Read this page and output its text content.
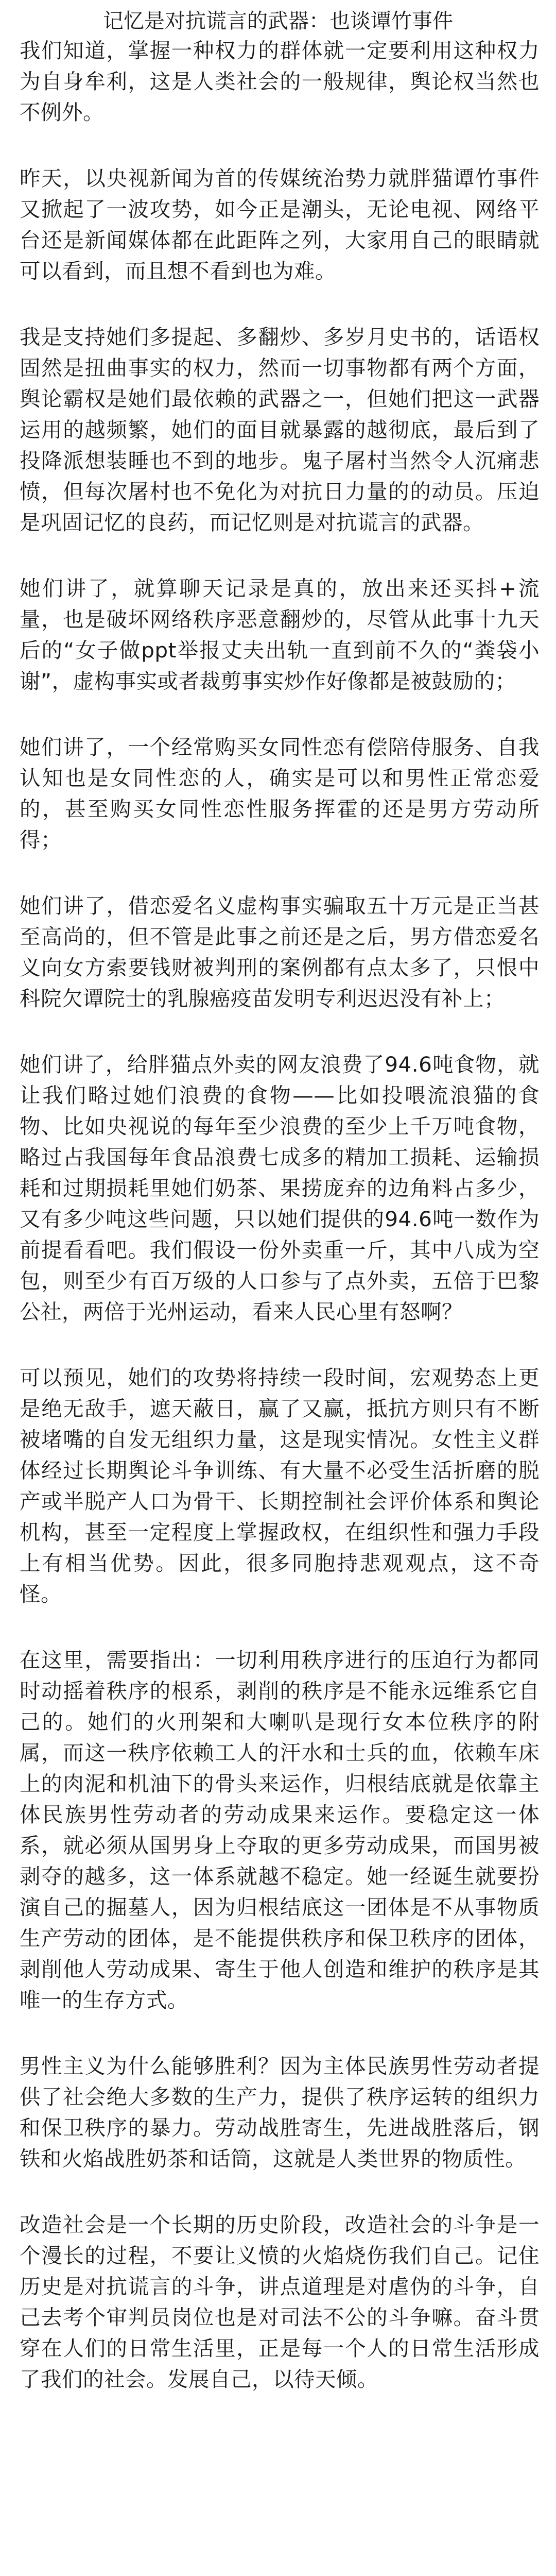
记忆是对抗谎言的武器：也谈谭竹事件

我们知道，掌握一种权力的群体就一定要利用这种权力为自身牟利，这是人类社会的一般规律，舆论权当然也不例外。

昨天，以央视新闻为首的传媒统治势力就胖猫谭竹事件又掀起了一波攻势，如今正是潮头，无论电视、网络平台还是新闻媒体都在此距阵之列，大家用自己的眼睛就可以看到，而且想不看到也为难。

我是支持她们多提起、多翻炒、多岁月史书的，话语权固然是扭曲事实的权力，然而一切事物都有两个方面，舆论霸权是她们最依赖的武器之一，但她们把这一武器运用的越频繁，她们的面目就暴露的越彻底，最后到了投降派想装睡也不到的地步。鬼子屠村当然令人沉痛悲愤，但每次屠村也不免化为对抗日力量的的动员。压迫是巩固记忆的良药，而记忆则是对抗谎言的武器。

她们讲了，就算聊天记录是真的，放出来还买抖+流量，也是破坏网络秩序恶意翻炒的，尽管从此事十九天后的“女子做ppt举报丈夫出轨一直到前不久的“粪袋小谢”，虚构事实或者裁剪事实炒作好像都是被鼓励的；

她们讲了，一个经常购买女同性恋有偿陪侍服务、自我认知也是女同性恋的人，确实是可以和男性正常恋爱的，甚至购买女同性恋性服务挥霍的还是男方劳动所得；

她们讲了，借恋爱名义虚构事实骗取五十万元是正当甚至高尚的，但不管是此事之前还是之后，男方借恋爱名义向女方索要钱财被判刑的案例都有点太多了，只恨中科院欠谭院士的乳腺癌疫苗发明专利迟迟没有补上；

她们讲了，给胖猫点外卖的网友浪费了94.6吨食物，就让我们略过她们浪费的食物——比如投喂流浪猫的食物、比如央视说的每年至少浪费的至少上千万吨食物，略过占我国每年食品浪费七成多的精加工损耗、运输损耗和过期损耗里她们奶茶、果捞庞弃的边角料占多少，又有多少吨这些问题，只以她们提供的94.6吨一数作为前提看看吧。我们假设一份外卖重一斤，其中八成为空包，则至少有百万级的人口参与了点外卖，五倍于巴黎公社，两倍于光州运动，看来人民心里有怒啊？

可以预见，她们的攻势将持续一段时间，宏观势态上更是绝无敌手，遮天蔽日，赢了又赢，抵抗方则只有不断被堵嘴的自发无组织力量，这是现实情况。女性主义群体经过长期舆论斗争训练、有大量不必受生活折磨的脱产或半脱产人口为骨干、长期控制社会评价体系和舆论机构，甚至一定程度上掌握政权，在组织性和强力手段上有相当优势。因此，很多同胞持悲观观点，这不奇怪。

在这里，需要指出：一切利用秩序进行的压迫行为都同时动摇着秩序的根系，剥削的秩序是不能永远维系它自己的。她们的火刑架和大喇叭是现行女本位秩序的附属，而这一秩序依赖工人的汗水和士兵的血，依赖车床上的肉泥和机油下的骨头来运作，归根结底就是依靠主体民族男性劳动者的劳动成果来运作。要稳定这一体系，就必须从国男身上夺取的更多劳动成果，而国男被剥夺的越多，这一体系就越不稳定。她一经诞生就要扮演自己的掘墓人，因为归根结底这一团体是不从事物质生产劳动的团体，是不能提供秩序和保卫秩序的团体，剥削他人劳动成果、寄生于他人创造和维护的秩序是其唯一的生存方式。

男性主义为什么能够胜利？因为主体民族男性劳动者提供了社会绝大多数的生产力，提供了秩序运转的组织力和保卫秩序的暴力。劳动战胜寄生，先进战胜落后，钢铁和火焰战胜奶茶和话筒，这就是人类世界的物质性。

改造社会是一个长期的历史阶段，改造社会的斗争是一个漫长的过程，不要让义愤的火焰烧伤我们自己。记住历史是对抗谎言的斗争，讲点道理是对虐伪的斗争，自己去考个审判员岗位也是对司法不公的斗争嘛。奋斗贯穿在人们的日常生活里，正是每一个人的日常生活形成了我们的社会。发展自己，以待天倾。
